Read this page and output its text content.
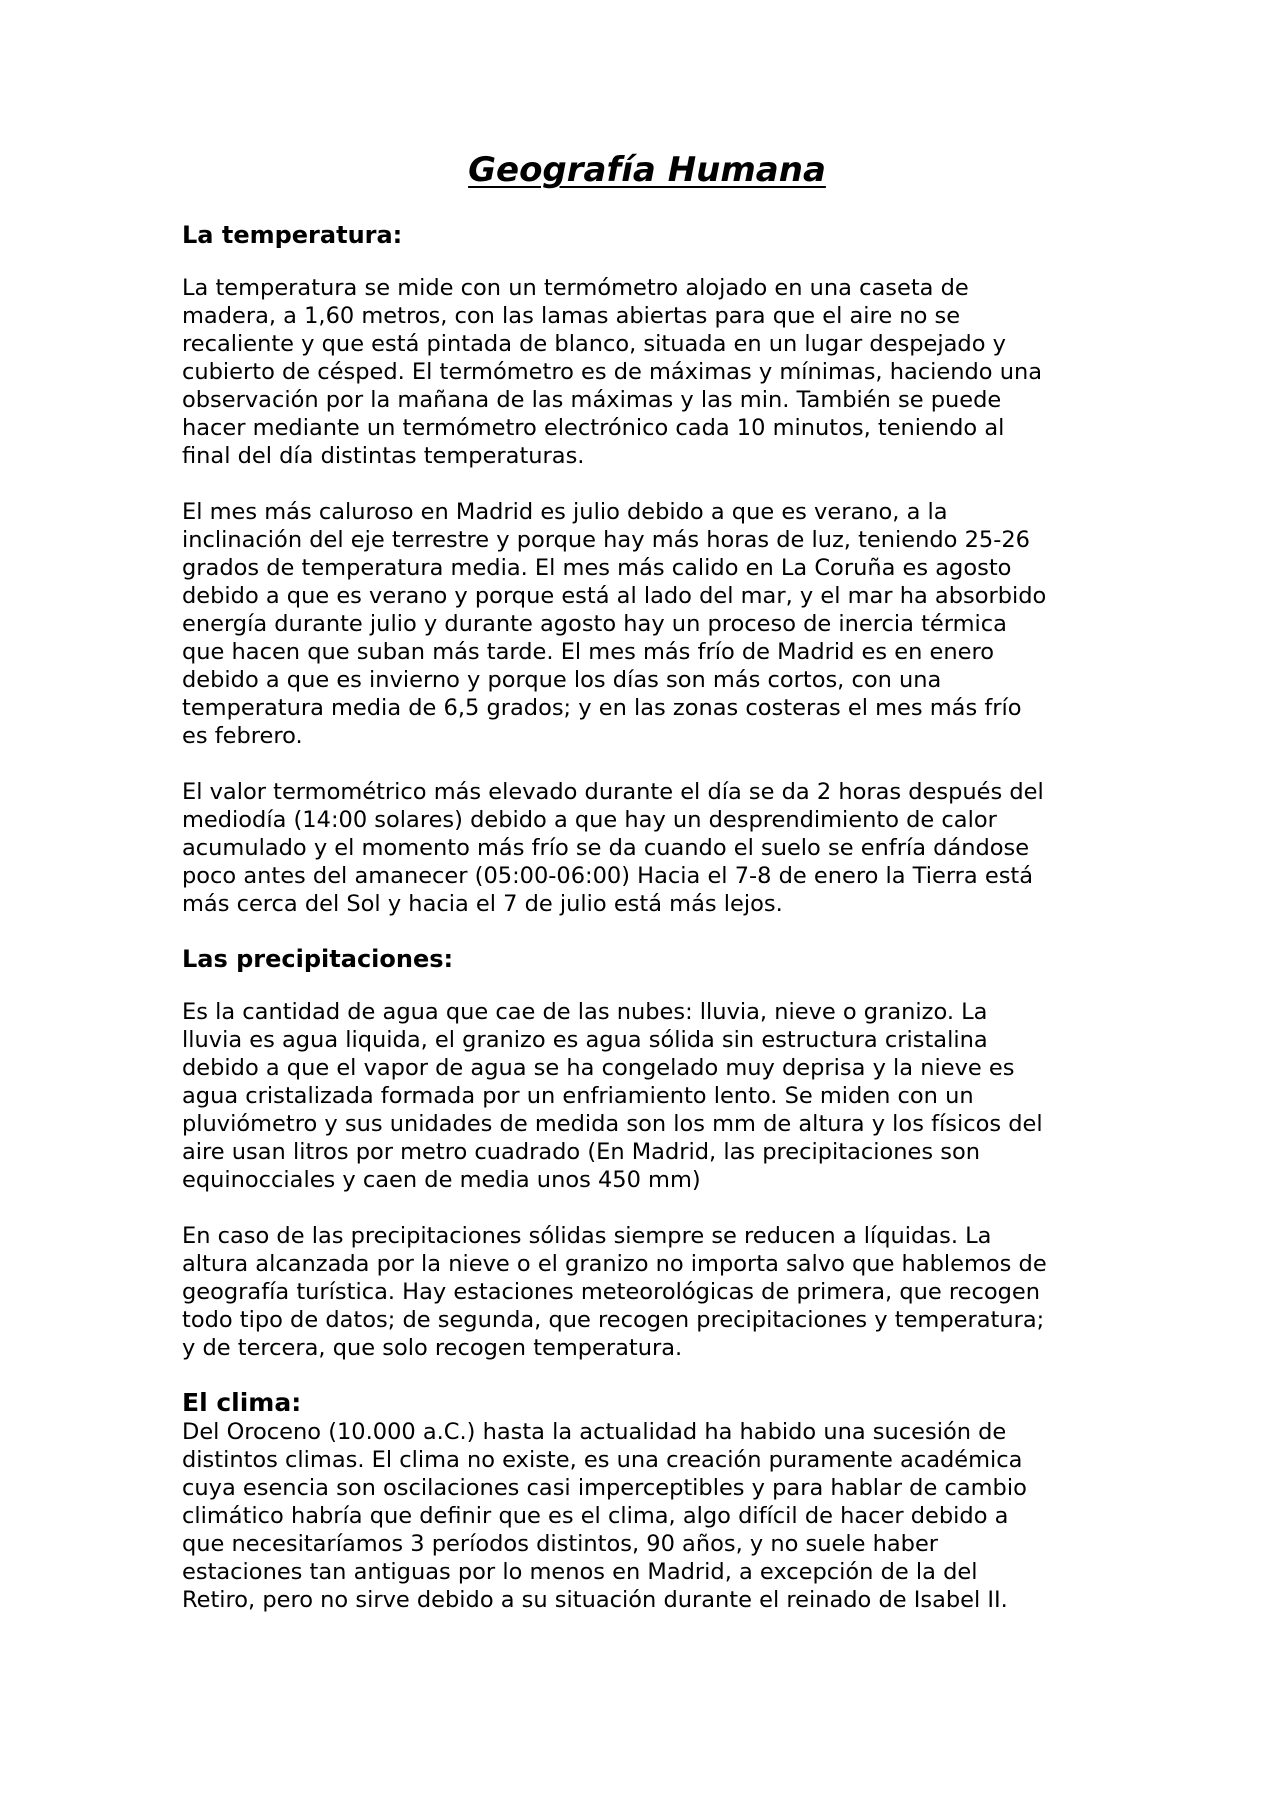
Geografía Humana
La temperatura:

La temperatura se mide con un termómetro alojado en una caseta de
madera, a 1,60 metros, con las lamas abiertas para que el aire no se
recaliente y que está pintada de blanco, situada en un lugar despejado y
cubierto de césped. El termómetro es de máximas y mínimas, haciendo una
observación por la mañana de las máximas y las min. También se puede
hacer mediante un termómetro electrónico cada 10 minutos, teniendo al
final del día distintas temperaturas.

El mes más caluroso en Madrid es julio debido a que es verano, a la
inclinación del eje terrestre y porque hay más horas de luz, teniendo 25-26
grados de temperatura media. El mes más calido en La Coruña es agosto
debido a que es verano y porque está al lado del mar, y el mar ha absorbido
energía durante julio y durante agosto hay un proceso de inercia térmica
que hacen que suban más tarde. El mes más frío de Madrid es en enero
debido a que es invierno y porque los días son más cortos, con una
temperatura media de 6,5 grados; y en las zonas costeras el mes más frío
es febrero.

El valor termométrico más elevado durante el día se da 2 horas después del
mediodía (14:00 solares) debido a que hay un desprendimiento de calor
acumulado y el momento más frío se da cuando el suelo se enfría dándose
poco antes del amanecer (05:00-06:00) Hacia el 7-8 de enero la Tierra está
más cerca del Sol y hacia el 7 de julio está más lejos.

Las precipitaciones:

Es la cantidad de agua que cae de las nubes: lluvia, nieve o granizo. La
lluvia es agua liquida, el granizo es agua sólida sin estructura cristalina
debido a que el vapor de agua se ha congelado muy deprisa y la nieve es
agua cristalizada formada por un enfriamiento lento. Se miden con un
pluviómetro y sus unidades de medida son los mm de altura y los físicos del
aire usan litros por metro cuadrado (En Madrid, las precipitaciones son
equinocciales y caen de media unos 450 mm)

En caso de las precipitaciones sólidas siempre se reducen a líquidas. La
altura alcanzada por la nieve o el granizo no importa salvo que hablemos de
geografía turística. Hay estaciones meteorológicas de primera, que recogen
todo tipo de datos; de segunda, que recogen precipitaciones y temperatura;
y de tercera, que solo recogen temperatura.

El clima:

Del Oroceno (10.000 a.C.) hasta la actualidad ha habido una sucesión de
distintos climas. El clima no existe, es una creación puramente académica
cuya esencia son oscilaciones casi imperceptibles y para hablar de cambio
climático habría que definir que es el clima, algo difícil de hacer debido a
que necesitaríamos 3 períodos distintos, 90 años, y no suele haber
estaciones tan antiguas por lo menos en Madrid, a excepción de la del
Retiro, pero no sirve debido a su situación durante el reinado de Isabel II.
